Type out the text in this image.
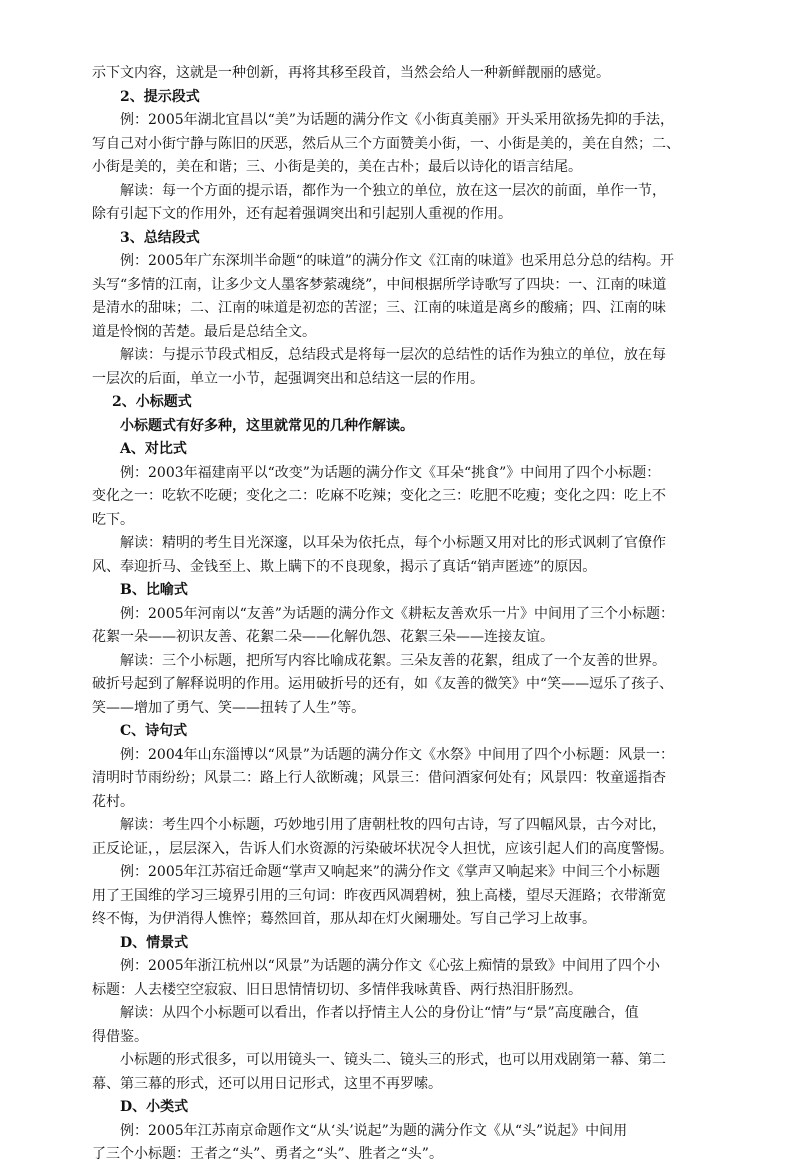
示下文内容，这就是一种创新，再将其移至段首，当然会给人一种新鲜靓丽的感觉。
2、提示段式
例：2005年湖北宜昌以“美”为话题的满分作文《小街真美丽》开头采用欲扬先抑的手法，
写自己对小街宁静与陈旧的厌恶，然后从三个方面赞美小街，一、小街是美的，美在自然；二、
小街是美的，美在和谐；三、小街是美的，美在古朴；最后以诗化的语言结尾。
解读：每一个方面的提示语，都作为一个独立的单位，放在这一层次的前面，单作一节，
除有引起下文的作用外，还有起着强调突出和引起别人重视的作用。
3、总结段式
例：2005年广东深圳半命题“的味道”的满分作文《江南的味道》也采用总分总的结构。开
头写“多情的江南，让多少文人墨客梦萦魂绕”，中间根据所学诗歌写了四块：一、江南的味道
是清水的甜味；二、江南的味道是初恋的苦涩；三、江南的味道是离乡的酸痛；四、江南的味
道是怜悯的苦楚。最后是总结全文。
解读：与提示节段式相反，总结段式是将每一层次的总结性的话作为独立的单位，放在每
一层次的后面，单立一小节，起强调突出和总结这一层的作用。
2、小标题式
小标题式有好多种，这里就常见的几种作解读。
A、对比式
例：2003年福建南平以“改变”为话题的满分作文《耳朵“挑食”》中间用了四个小标题：
变化之一：吃软不吃硬；变化之二：吃麻不吃辣；变化之三：吃肥不吃瘦；变化之四：吃上不
吃下。
解读：精明的考生目光深邃，以耳朵为依托点，每个小标题又用对比的形式讽刺了官僚作
风、奉迎折马、金钱至上、欺上瞒下的不良现象，揭示了真话“销声匿迹”的原因。
B、比喻式
例：2005年河南以“友善”为话题的满分作文《耕耘友善欢乐一片》中间用了三个小标题：
花絮一朵——初识友善、花絮二朵——化解仇怨、花絮三朵——连接友谊。
解读：三个小标题，把所写内容比喻成花絮。三朵友善的花絮，组成了一个友善的世界。
破折号起到了解释说明的作用。运用破折号的还有，如《友善的微笑》中“笑——逗乐了孩子、
笑——增加了勇气、笑——扭转了人生”等。
C、诗句式
例：2004年山东淄博以“风景”为话题的满分作文《水祭》中间用了四个小标题：风景一：
清明时节雨纷纷；风景二：路上行人欲断魂；风景三：借问酒家何处有；风景四：牧童遥指杏
花村。
解读：考生四个小标题，巧妙地引用了唐朝杜牧的四句古诗，写了四幅风景，古今对比，
正反论证，，层层深入，告诉人们水资源的污染破坏状况令人担忧，应该引起人们的高度警惕。
例：2005年江苏宿迁命题“掌声又响起来”的满分作文《掌声又响起来》中间三个小标题
用了王国维的学习三境界引用的三句词：昨夜西风凋碧树，独上高楼，望尽天涯路；衣带渐宽
终不悔，为伊消得人憔悴；蓦然回首，那从却在灯火阑珊处。写自己学习上故事。
D、情景式
例：2005年浙江杭州以“风景”为话题的满分作文《心弦上痴情的景致》中间用了四个小
标题：人去楼空空寂寂、旧日思情情切切、多情伴我咏黄昏、两行热泪肝肠烈。
解读：从四个小标题可以看出，作者以抒情主人公的身份让“情”与“景”高度融合，值
得借鉴。
小标题的形式很多，可以用镜头一、镜头二、镜头三的形式，也可以用戏剧第一幕、第二
幕、第三幕的形式，还可以用日记形式，这里不再罗嗦。
D、小类式
例：2005年江苏南京命题作文“从‘头’说起”为题的满分作文《从“头”说起》中间用
了三个小标题：王者之“头”、勇者之“头”、胜者之“头”。
